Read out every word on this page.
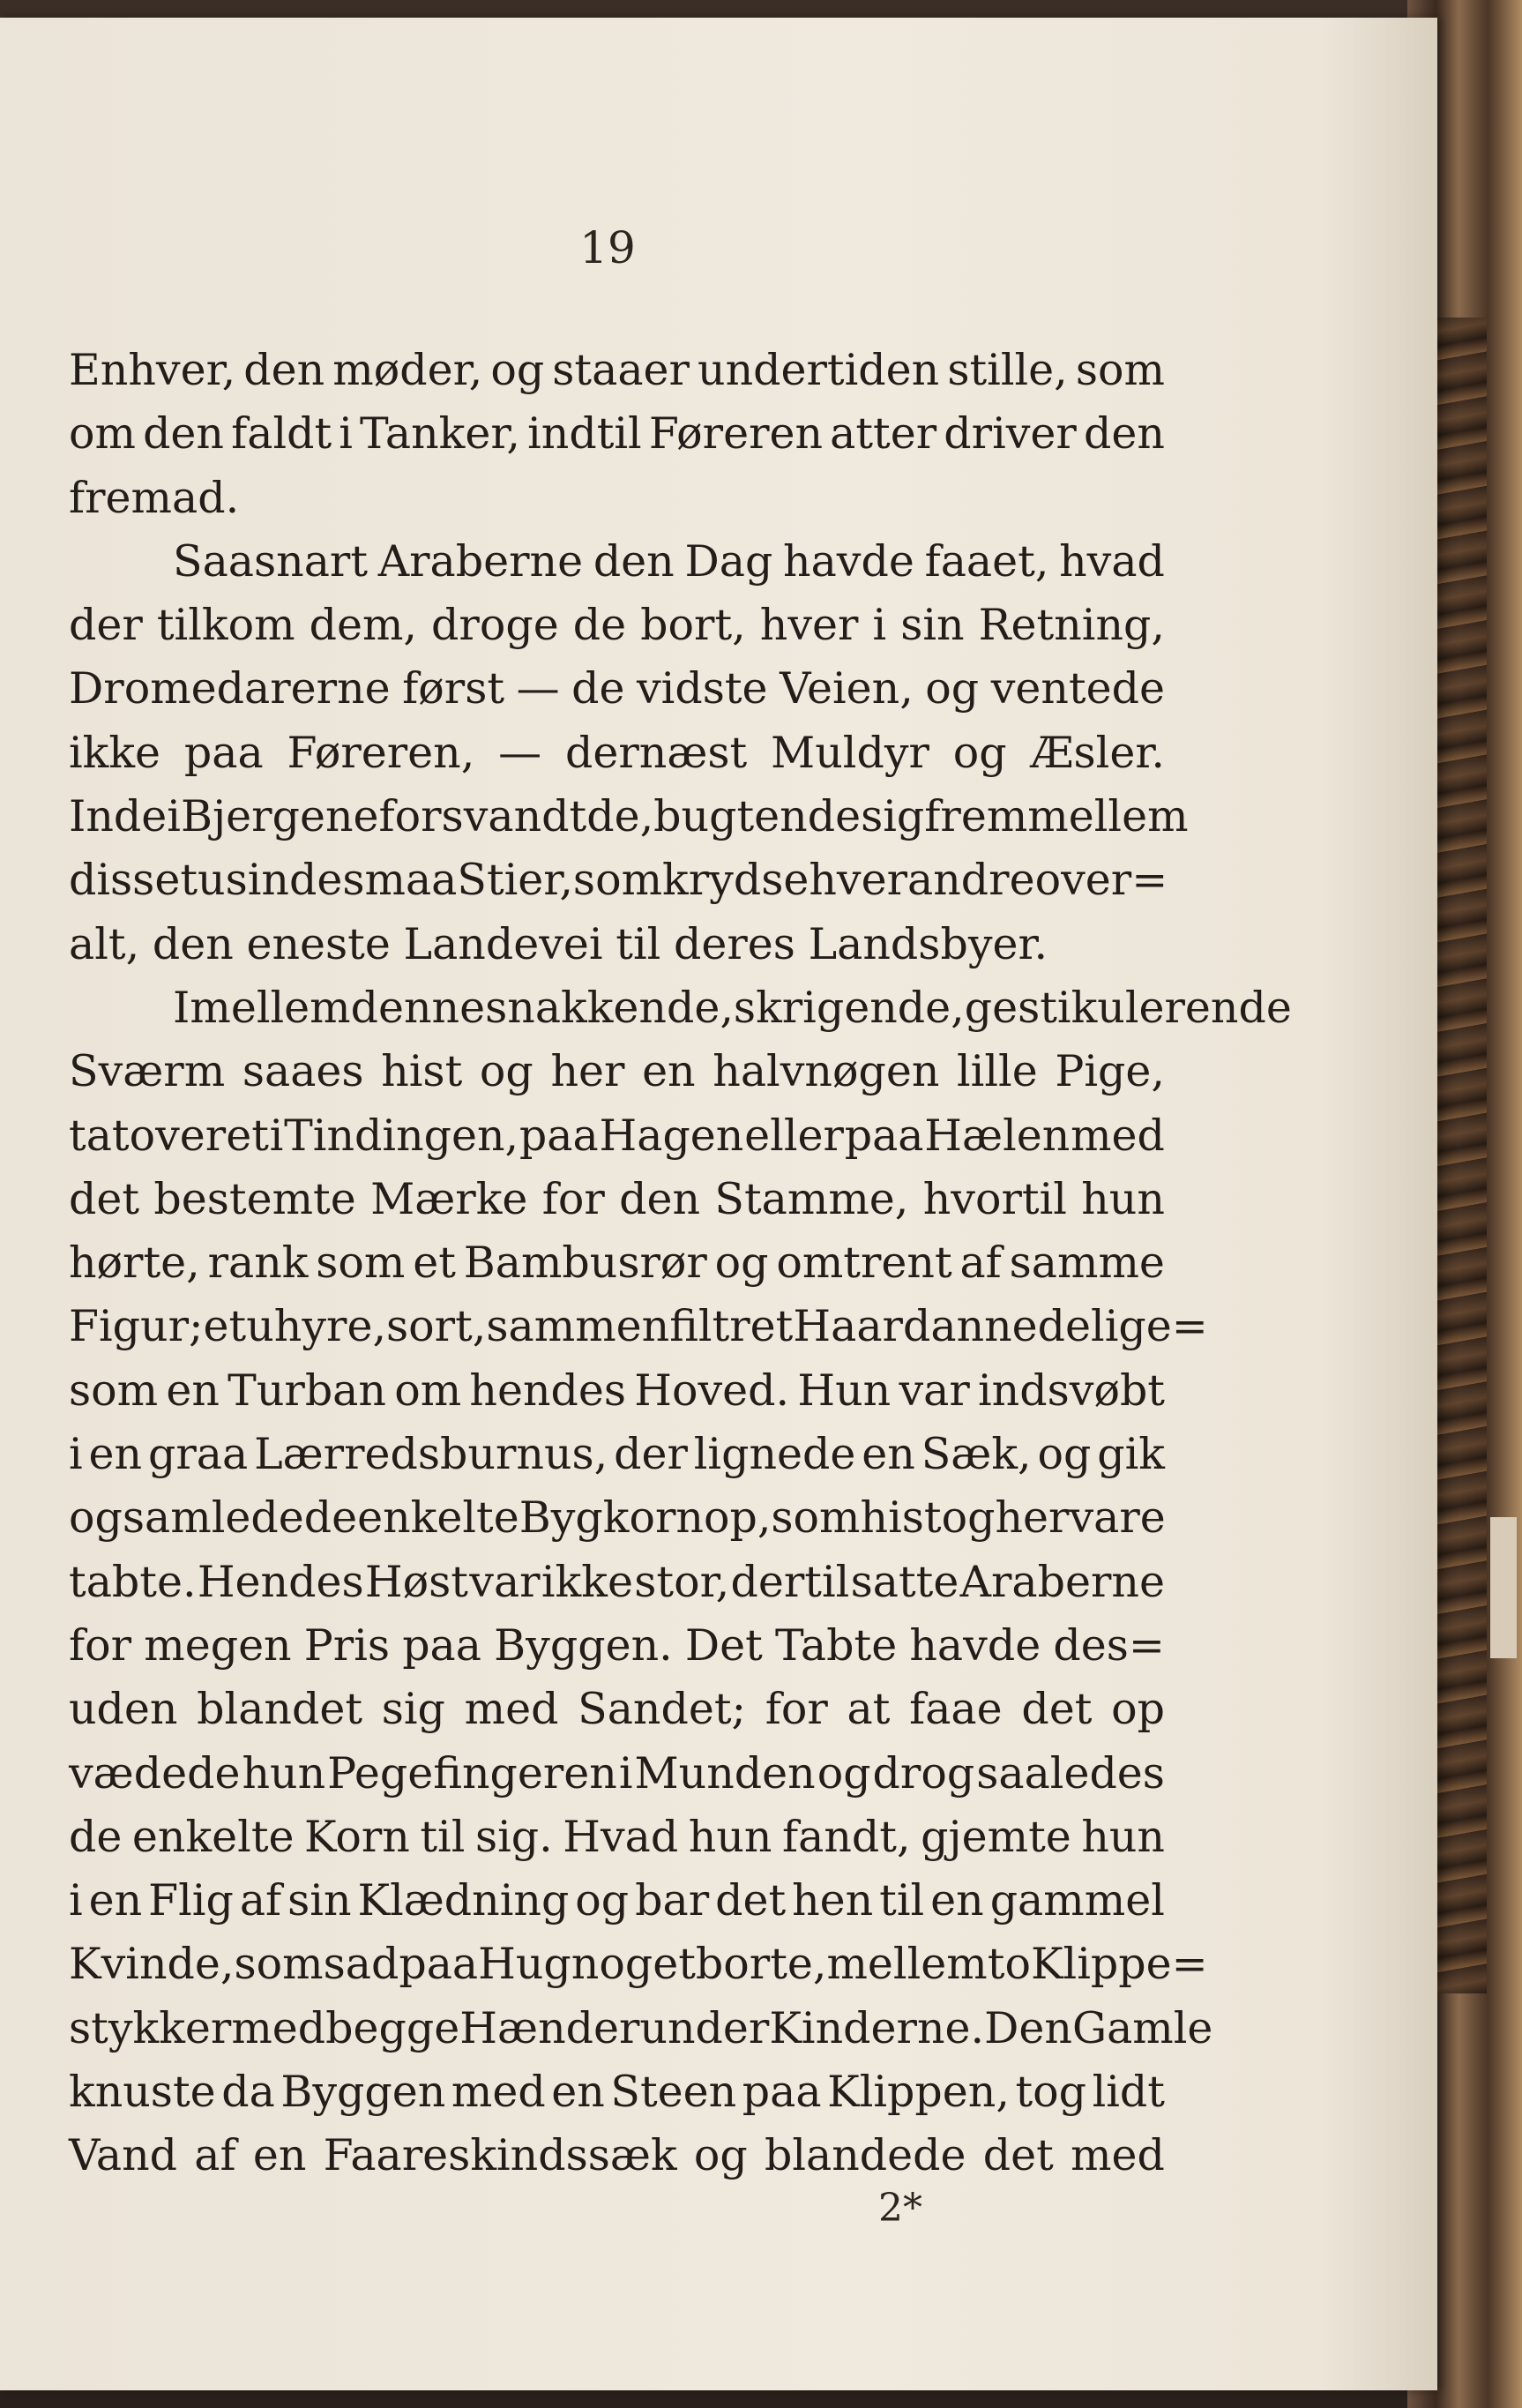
19
Enhver, den møder, og staaer undertiden stille, som
om den faldt i Tanker, indtil Føreren atter driver den
fremad.
Saasnart Araberne den Dag havde faaet, hvad
der tilkom dem, droge de bort, hver i sin Retning,
Dromedarerne først — de vidste Veien, og ventede
ikke paa Føreren, — dernæst Muldyr og Æsler.
Inde i Bjergene forsvandt de, bugtende sig frem mellem
disse tusinde smaa Stier, som krydse hverandre over=
alt, den eneste Landevei til deres Landsbyer.
Imellem denne snakkende, skrigende, gestikulerende
Sværm saaes hist og her en halvnøgen lille Pige,
tatoveret i Tindingen, paa Hagen eller paa Hælen med
det bestemte Mærke for den Stamme, hvortil hun
hørte, rank som et Bambusrør og omtrent af samme
Figur; et uhyre, sort, sammenfiltret Haar dannede lige=
som en Turban om hendes Hoved. Hun var indsvøbt
i en graa Lærredsburnus, der lignede en Sæk, og gik
og samlede de enkelte Bygkorn op, som hist og her vare
tabte. Hendes Høst var ikke stor, dertil satte Araberne
for megen Pris paa Byggen. Det Tabte havde des=
uden blandet sig med Sandet; for at faae det op
vædede hun Pegefingeren i Munden og drog saaledes
de enkelte Korn til sig. Hvad hun fandt, gjemte hun
i en Flig af sin Klædning og bar det hen til en gammel
Kvinde, som sad paa Hug noget borte, mellem to Klippe=
stykker med begge Hænder under Kinderne. Den Gamle
knuste da Byggen med en Steen paa Klippen, tog lidt
Vand af en Faareskindssæk og blandede det med
2*
